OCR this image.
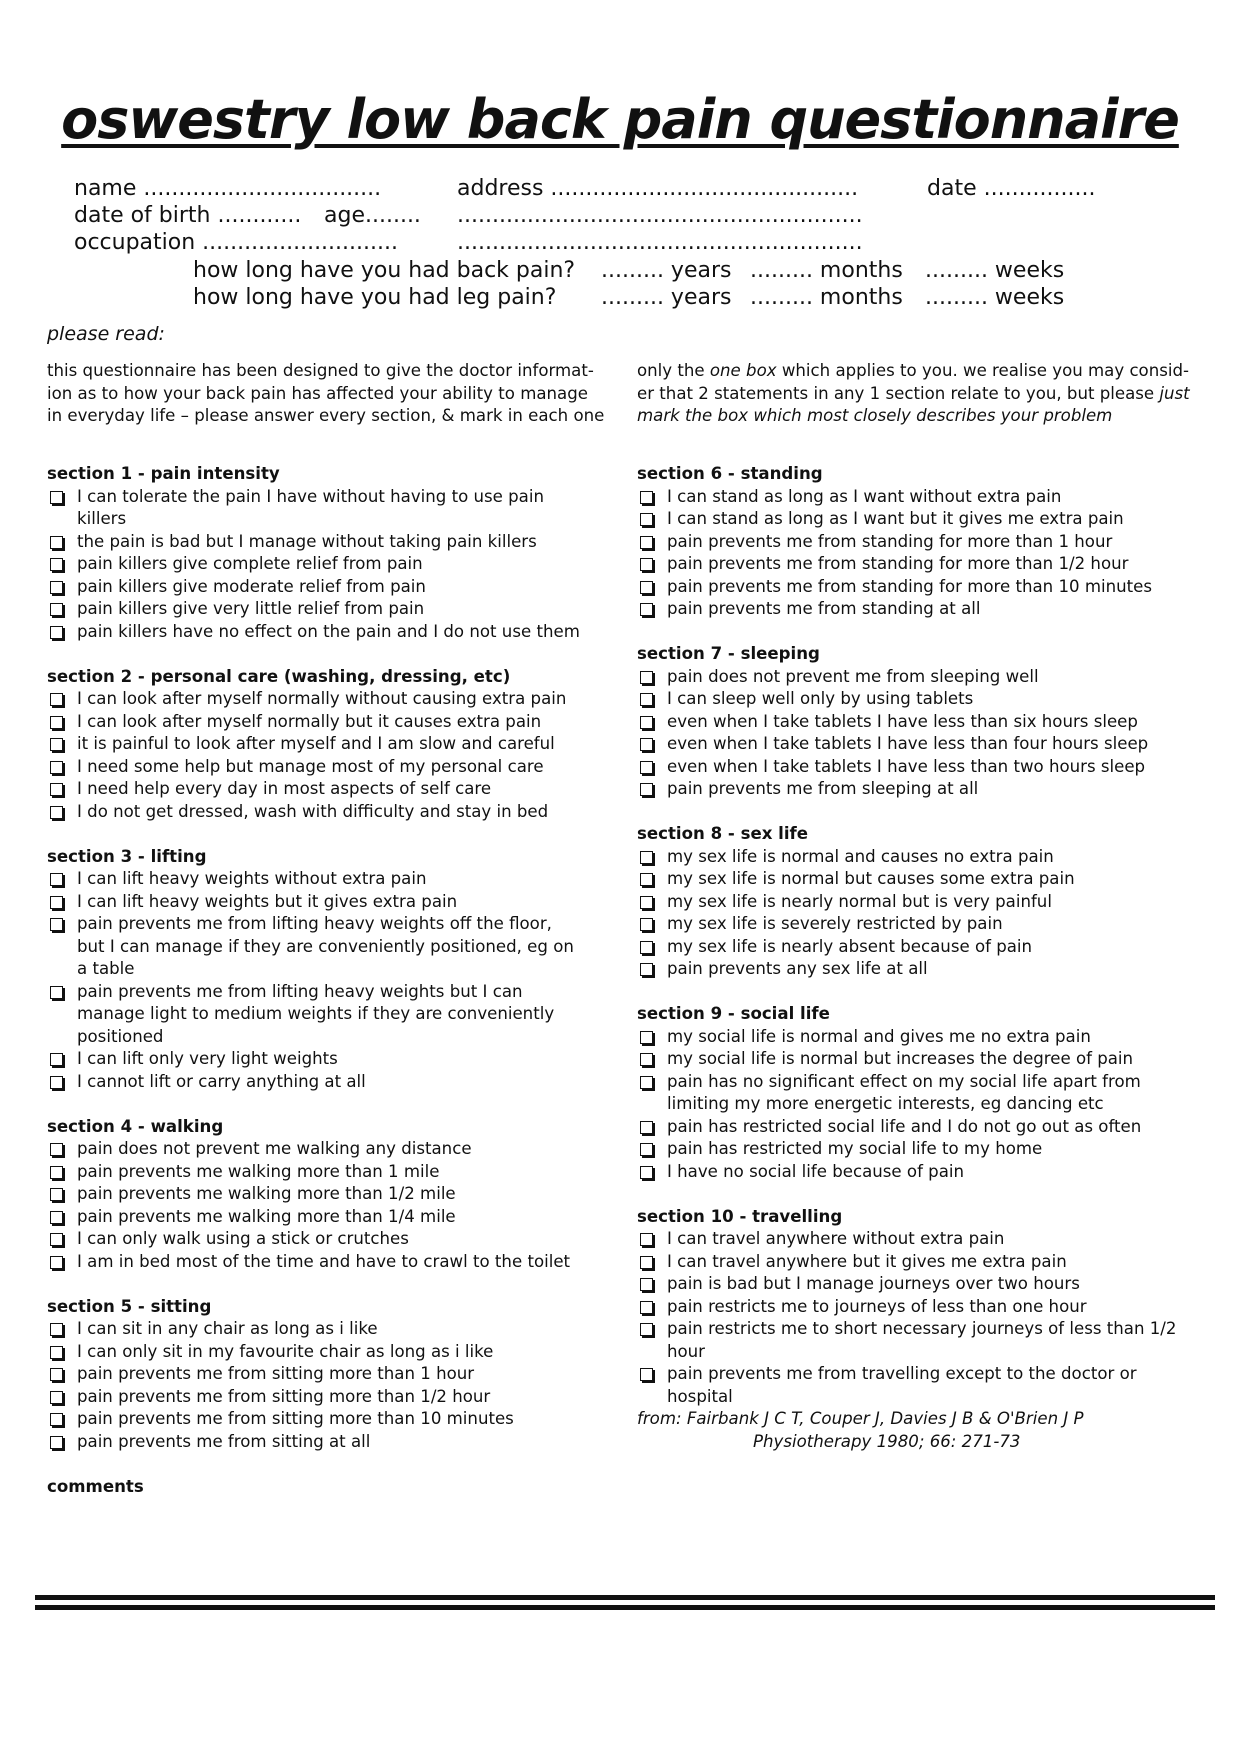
oswestry low back pain questionnaire
name ..................................	address ............................................	date ................
date of birth ............ age........ ..........................................................
occupation ............................	..........................................................
how long have you had back pain? ......... years ......... months ......... weeks
how long have you had leg pain? ......... years ......... months ......... weeks
please read:

this questionnaire has been designed to give the doctor informat-

ion as to how your back pain has affected your ability to manage

in everyday life – please answer every section, & mark in each one

only the one box which applies to you. we realise you may consid-

er that 2 statements in any 1 section relate to you, but please just

mark the box which most closely describes your problem

section 1 - pain intensity

I can tolerate the pain I have without having to use pain killers
the pain is bad but I manage without taking pain killers
pain killers give complete relief from pain
pain killers give moderate relief from pain
pain killers give very little relief from pain
pain killers have no effect on the pain and I do not use them

section 2 - personal care (washing, dressing, etc)

I can look after myself normally without causing extra pain
I can look after myself normally but it causes extra pain
it is painful to look after myself and I am slow and careful
I need some help but manage most of my personal care
I need help every day in most aspects of self care
I do not get dressed, wash with difficulty and stay in bed

section 3 - lifting

I can lift heavy weights without extra pain
I can lift heavy weights but it gives extra pain
pain prevents me from lifting heavy weights off the floor, but I can manage if they are conveniently positioned, eg on a table
pain prevents me from lifting heavy weights but I can manage light to medium weights if they are conveniently positioned
I can lift only very light weights
I cannot lift or carry anything at all

section 4 - walking

pain does not prevent me walking any distance
pain prevents me walking more than 1 mile
pain prevents me walking more than 1/2 mile
pain prevents me walking more than 1/4 mile
I can only walk using a stick or crutches
I am in bed most of the time and have to crawl to the toilet

section 5 - sitting

I can sit in any chair as long as i like
I can only sit in my favourite chair as long as i like
pain prevents me from sitting more than 1 hour
pain prevents me from sitting more than 1/2 hour
pain prevents me from sitting more than 10 minutes
pain prevents me from sitting at all

comments

section 6 - standing

I can stand as long as I want without extra pain
I can stand as long as I want but it gives me extra pain
pain prevents me from standing for more than 1 hour
pain prevents me from standing for more than 1/2 hour
pain prevents me from standing for more than 10 minutes
pain prevents me from standing at all

section 7 - sleeping

pain does not prevent me from sleeping well
I can sleep well only by using tablets
even when I take tablets I have less than six hours sleep
even when I take tablets I have less than four hours sleep
even when I take tablets I have less than two hours sleep
pain prevents me from sleeping at all

section 8 - sex life

my sex life is normal and causes no extra pain
my sex life is normal but causes some extra pain
my sex life is nearly normal but is very painful
my sex life is severely restricted by pain
my sex life is nearly absent because of pain
pain prevents any sex life at all

section 9 - social life

my social life is normal and gives me no extra pain
my social life is normal but increases the degree of pain
pain has no significant effect on my social life apart from limiting my more energetic interests, eg dancing etc
pain has restricted social life and I do not go out as often
pain has restricted my social life to my home
I have no social life because of pain

section 10 - travelling

I can travel anywhere without extra pain
I can travel anywhere but it gives me extra pain
pain is bad but I manage journeys over two hours
pain restricts me to journeys of less than one hour
pain restricts me to short necessary journeys of less than 1/2 hour
pain prevents me from travelling except to the doctor or hospital
from: Fairbank J C T, Couper J, Davies J B & O'Brien J P
Physiotherapy 1980; 66: 271-73
